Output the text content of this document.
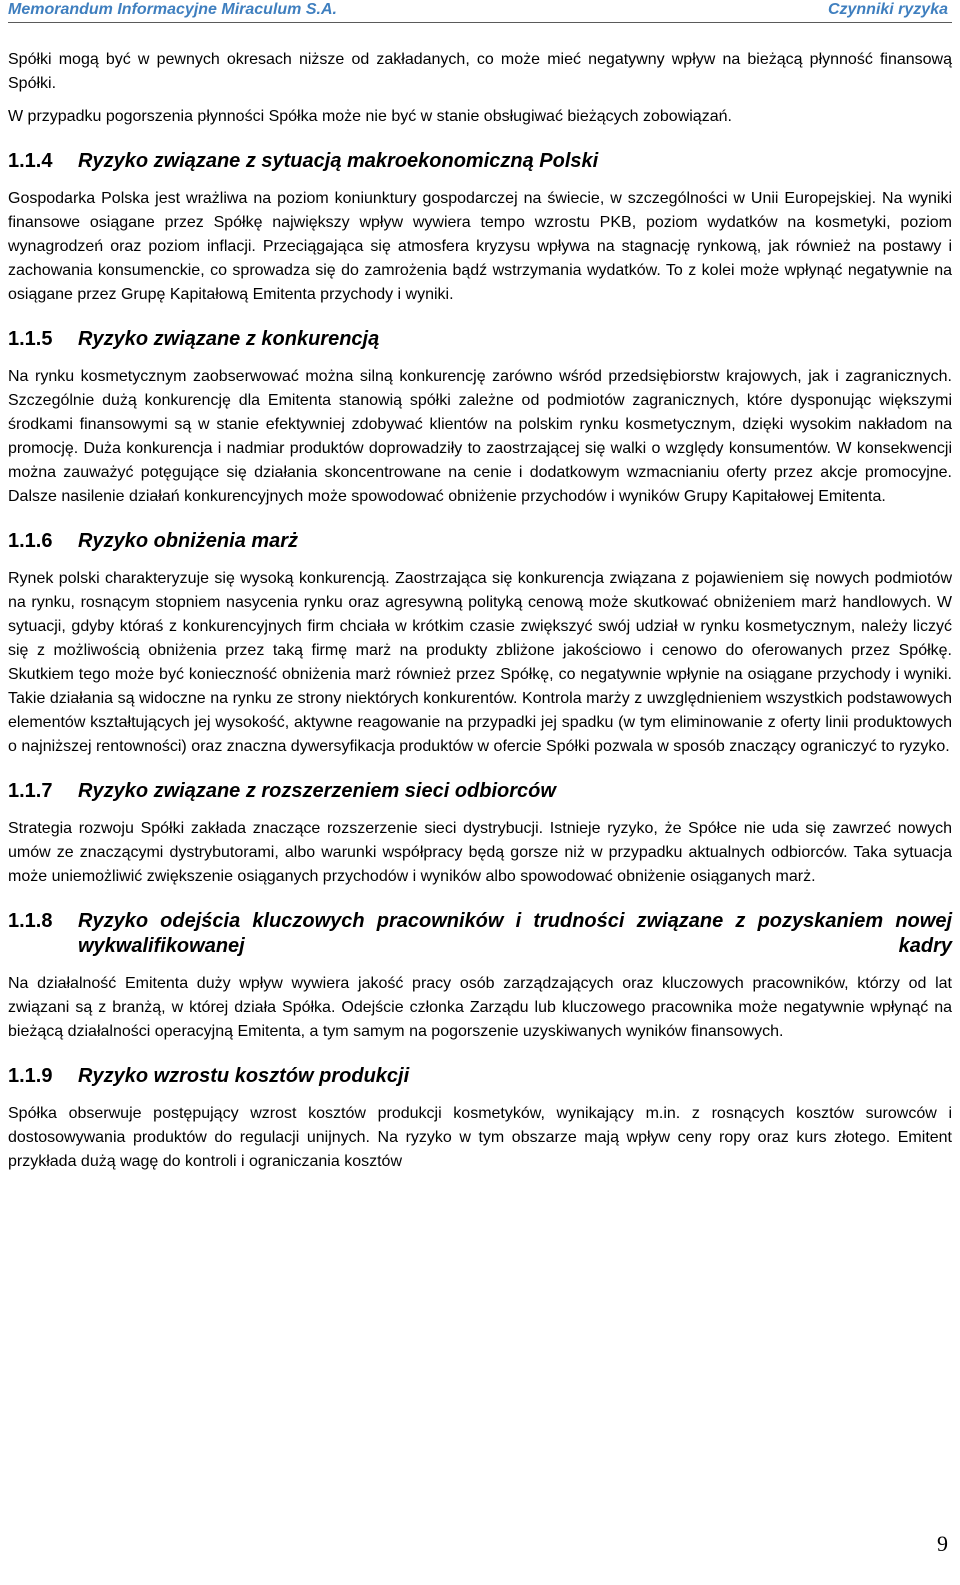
Memorandum Informacyjne Miraculum S.A.	Czynniki ryzyka

Spółki mogą być w pewnych okresach niższe od zakładanych, co może mieć negatywny wpływ na bieżącą płynność finansową Spółki.

W przypadku pogorszenia płynności Spółka może nie być w stanie obsługiwać bieżących zobowiązań.

1.1.4	Ryzyko związane z sytuacją makroekonomiczną Polski

Gospodarka Polska jest wrażliwa na poziom koniunktury gospodarczej na świecie, w szczególności w Unii Europejskiej. Na wyniki finansowe osiągane przez Spółkę największy wpływ wywiera tempo wzrostu PKB, poziom wydatków na kosmetyki, poziom wynagrodzeń oraz poziom inflacji. Przeciągająca się atmosfera kryzysu wpływa na stagnację rynkową, jak również na postawy i zachowania konsumenckie, co sprowadza się do zamrożenia bądź wstrzymania wydatków. To z kolei może wpłynąć negatywnie na osiągane przez Grupę Kapitałową Emitenta przychody i wyniki.

1.1.5	Ryzyko związane z konkurencją

Na rynku kosmetycznym zaobserwować można silną konkurencję zarówno wśród przedsiębiorstw krajowych, jak i zagranicznych. Szczególnie dużą konkurencję dla Emitenta stanowią spółki zależne od podmiotów zagranicznych, które dysponując większymi środkami finansowymi są w stanie efektywniej zdobywać klientów na polskim rynku kosmetycznym, dzięki wysokim nakładom na promocję. Duża konkurencja i nadmiar produktów doprowadziły to zaostrzającej się walki o względy konsumentów. W konsekwencji można zauważyć potęgujące się działania skoncentrowane na cenie i dodatkowym wzmacnianiu oferty przez akcje promocyjne. Dalsze nasilenie działań konkurencyjnych może spowodować obniżenie przychodów i wyników Grupy Kapitałowej Emitenta.

1.1.6	Ryzyko obniżenia marż

Rynek polski charakteryzuje się wysoką konkurencją. Zaostrzająca się konkurencja związana z pojawieniem się nowych podmiotów na rynku, rosnącym stopniem nasycenia rynku oraz agresywną polityką cenową może skutkować obniżeniem marż handlowych. W sytuacji, gdyby któraś z konkurencyjnych firm chciała w krótkim czasie zwiększyć swój udział w rynku kosmetycznym, należy liczyć się z możliwością obniżenia przez taką firmę marż na produkty zbliżone jakościowo i cenowo do oferowanych przez Spółkę. Skutkiem tego może być konieczność obniżenia marż również przez Spółkę, co negatywnie wpłynie na osiągane przychody i wyniki. Takie działania są widoczne na rynku ze strony niektórych konkurentów. Kontrola marży z uwzględnieniem wszystkich podstawowych elementów kształtujących jej wysokość, aktywne reagowanie na przypadki jej spadku (w tym eliminowanie z oferty linii produktowych o najniższej rentowności) oraz znaczna dywersyfikacja produktów w ofercie Spółki pozwala w sposób znaczący ograniczyć to ryzyko.

1.1.7	Ryzyko związane z rozszerzeniem sieci odbiorców

Strategia rozwoju Spółki zakłada znaczące rozszerzenie sieci dystrybucji. Istnieje ryzyko, że Spółce nie uda się zawrzeć nowych umów ze znaczącymi dystrybutorami, albo warunki współpracy będą gorsze niż w przypadku aktualnych odbiorców. Taka sytuacja może uniemożliwić zwiększenie osiąganych przychodów i wyników albo spowodować obniżenie osiąganych marż.

1.1.8	Ryzyko odejścia kluczowych pracowników i trudności związane z pozyskaniem nowej wykwalifikowanej kadry

Na działalność Emitenta duży wpływ wywiera jakość pracy osób zarządzających oraz kluczowych pracowników, którzy od lat związani są z branżą, w której działa Spółka. Odejście członka Zarządu lub kluczowego pracownika może negatywnie wpłynąć na bieżącą działalności operacyjną Emitenta, a tym samym na pogorszenie uzyskiwanych wyników finansowych.

1.1.9	Ryzyko wzrostu kosztów produkcji

Spółka obserwuje postępujący wzrost kosztów produkcji kosmetyków, wynikający m.in. z rosnących kosztów surowców i dostosowywania produktów do regulacji unijnych. Na ryzyko w tym obszarze mają wpływ ceny ropy oraz kurs złotego. Emitent przykłada dużą wagę do kontroli i ograniczania kosztów

9
